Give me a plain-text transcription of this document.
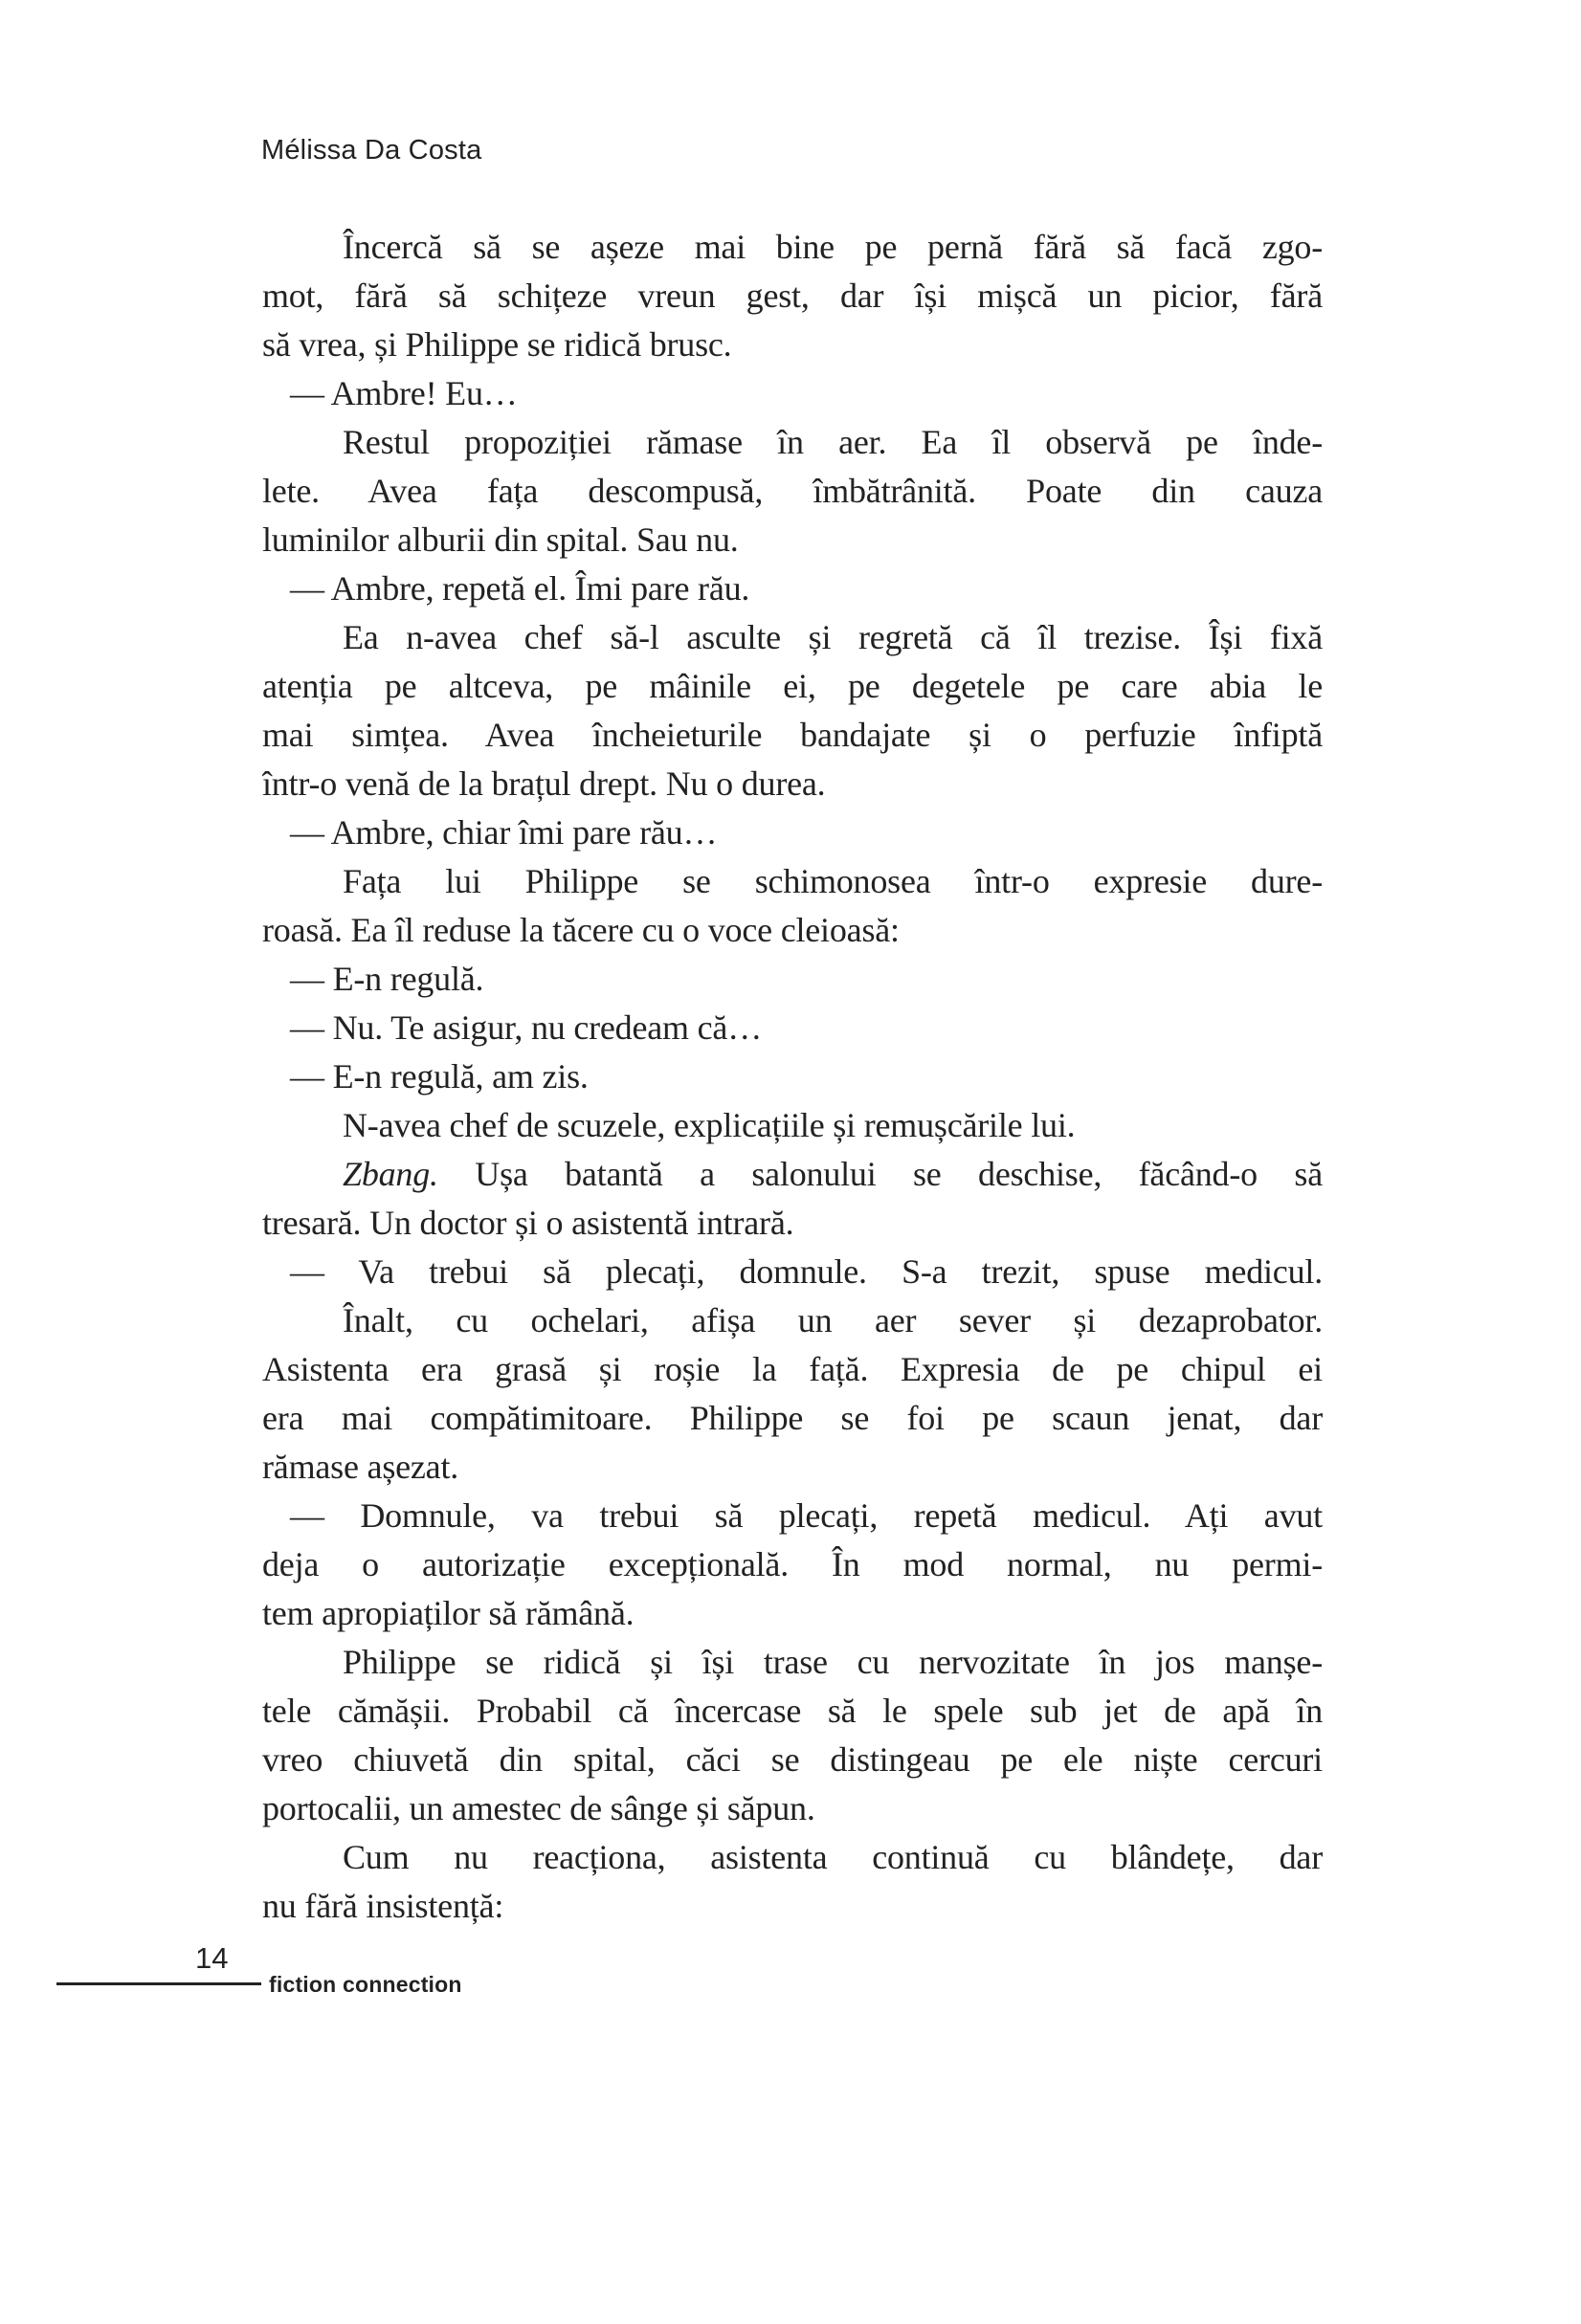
Mélissa Da Costa
Încercă să se așeze mai bine pe pernă fără să facă zgo-
mot, fără să schițeze vreun gest, dar își mișcă un picior, fără
să vrea, și Philippe se ridică brusc.
— Ambre! Eu…
Restul propoziției rămase în aer. Ea îl observă pe înde-
lete. Avea fața descompusă, îmbătrânită. Poate din cauza
luminilor alburii din spital. Sau nu.
— Ambre, repetă el. Îmi pare rău.
Ea n-avea chef să-l asculte și regretă că îl trezise. Își fixă
atenția pe altceva, pe mâinile ei, pe degetele pe care abia le
mai simțea. Avea încheieturile bandajate și o perfuzie înfiptă
într-o venă de la brațul drept. Nu o durea.
— Ambre, chiar îmi pare rău…
Fața lui Philippe se schimonosea într-o expresie dure-
roasă. Ea îl reduse la tăcere cu o voce cleioasă:
— E-n regulă.
— Nu. Te asigur, nu credeam că…
— E-n regulă, am zis.
N-avea chef de scuzele, explicațiile și remușcările lui.
Zbang. Ușa batantă a salonului se deschise, făcând-o să
tresară. Un doctor și o asistentă intrară.
— Va trebui să plecați, domnule. S-a trezit, spuse medicul.
Înalt, cu ochelari, afișa un aer sever și dezaprobator.
Asistenta era grasă și roșie la față. Expresia de pe chipul ei
era mai compătimitoare. Philippe se foi pe scaun jenat, dar
rămase așezat.
— Domnule, va trebui să plecați, repetă medicul. Ați avut
deja o autorizație excepțională. În mod normal, nu permi-
tem apropiaților să rămână.
Philippe se ridică și își trase cu nervozitate în jos manșe-
tele cămășii. Probabil că încercase să le spele sub jet de apă în
vreo chiuvetă din spital, căci se distingeau pe ele niște cercuri
portocalii, un amestec de sânge și săpun.
Cum nu reacționa, asistenta continuă cu blândețe, dar
nu fără insistență:
14
fiction connection
